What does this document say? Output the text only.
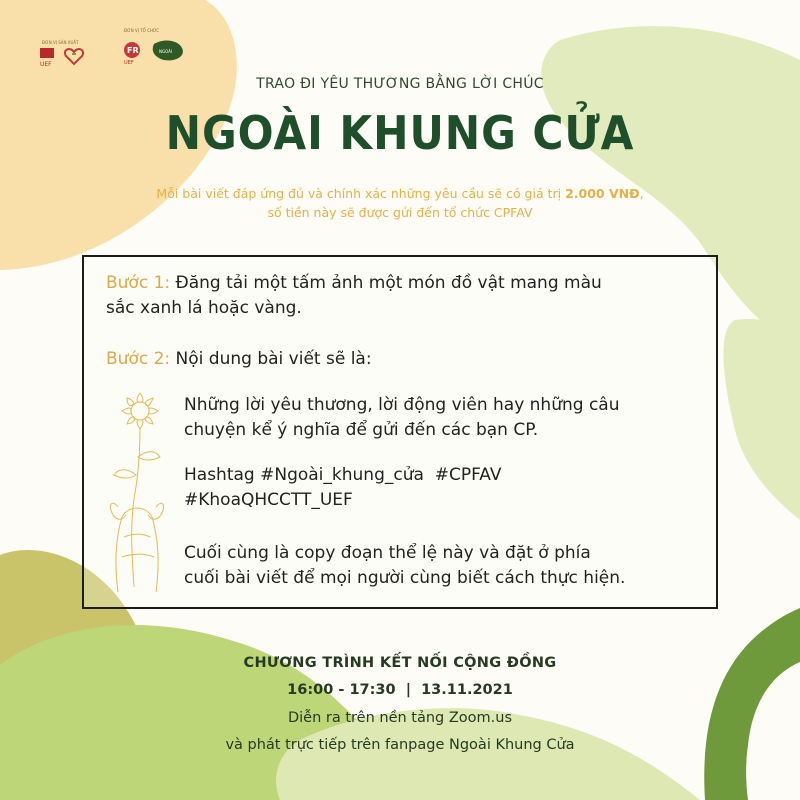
ĐƠN VỊ SẢN XUẤT
UEF
ĐƠN VỊ TỔ CHỨC
FR
UEF
NGOÀI
TRAO ĐI YÊU THƯƠNG BẰNG LỜI CHÚC
NGOÀI KHUNG CỬA
Mỗi bài viết đáp ứng đủ và chính xác những yêu cầu sẽ có giá trị 2.000 VNĐ,
số tiền này sẽ được gửi đến tổ chức CPFAV
Bước 1: Đăng tải một tấm ảnh một món đồ vật mang màu
sắc xanh lá hoặc vàng.
Bước 2: Nội dung bài viết sẽ là:
Những lời yêu thương, lời động viên hay những câu
chuyện kể ý nghĩa để gửi đến các bạn CP.
Hashtag #Ngoài_khung_cửa  #CPFAV
#KhoaQHCCTT_UEF
Cuối cùng là copy đoạn thể lệ này và đặt ở phía
cuối bài viết để mọi người cùng biết cách thực hiện.
CHƯƠNG TRÌNH KẾT NỐI CỘNG ĐỒNG
16:00 - 17:30  |  13.11.2021
Diễn ra trên nền tảng Zoom.us
và phát trực tiếp trên fanpage Ngoài Khung Cửa
